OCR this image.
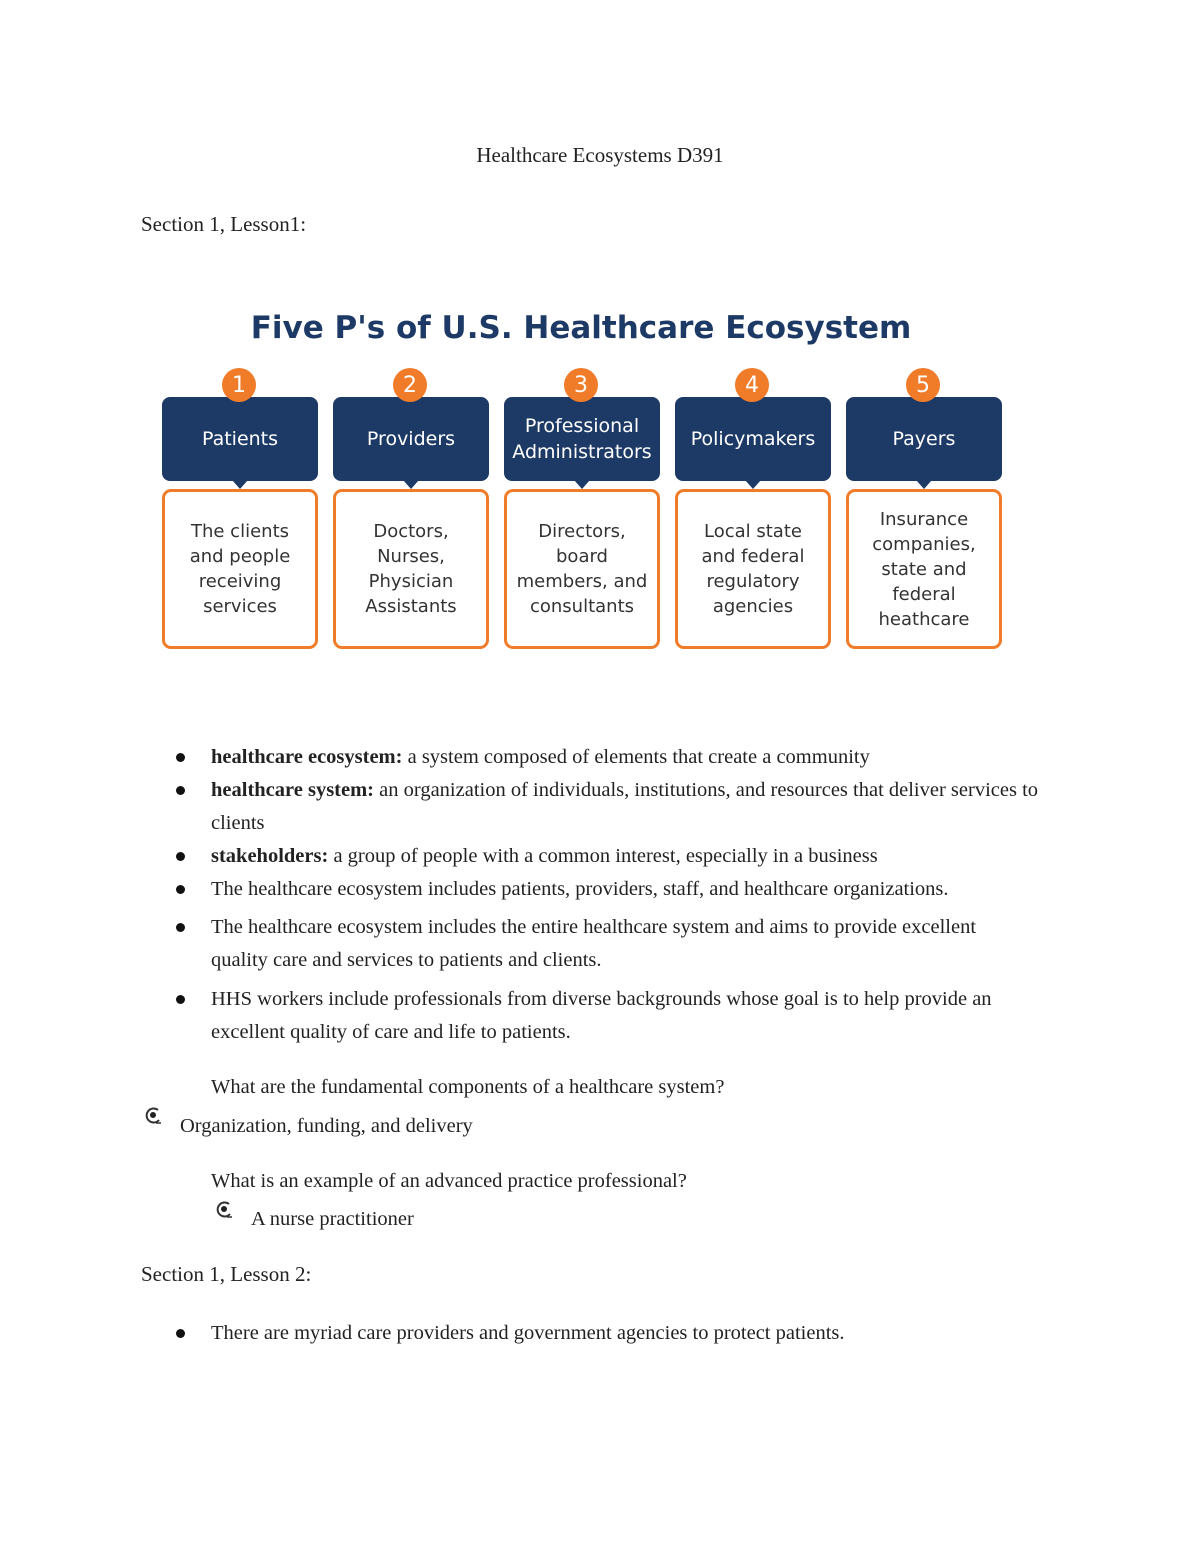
Healthcare Ecosystems D391
Section 1, Lesson1:
Five P's of U.S. Healthcare Ecosystem
1
Patients
The clients and people receiving services
2
Providers
Doctors, Nurses, Physician Assistants
3
Professional Administrators
Directors, board members, and consultants
4
Policymakers
Local state and federal regulatory agencies
5
Payers
Insurance companies, state and federal heathcare
healthcare ecosystem: a system composed of elements that create a community
healthcare system: an organization of individuals, institutions, and resources that deliver services to clients
stakeholders: a group of people with a common interest, especially in a business
The healthcare ecosystem includes patients, providers, staff, and healthcare organizations.
The healthcare ecosystem includes the entire healthcare system and aims to provide excellent quality care and services to patients and clients.
HHS workers include professionals from diverse backgrounds whose goal is to help provide an excellent quality of care and life to patients.
What are the fundamental components of a healthcare system?
Organization, funding, and delivery
What is an example of an advanced practice professional?
A nurse practitioner
Section 1, Lesson 2:
There are myriad care providers and government agencies to protect patients.
